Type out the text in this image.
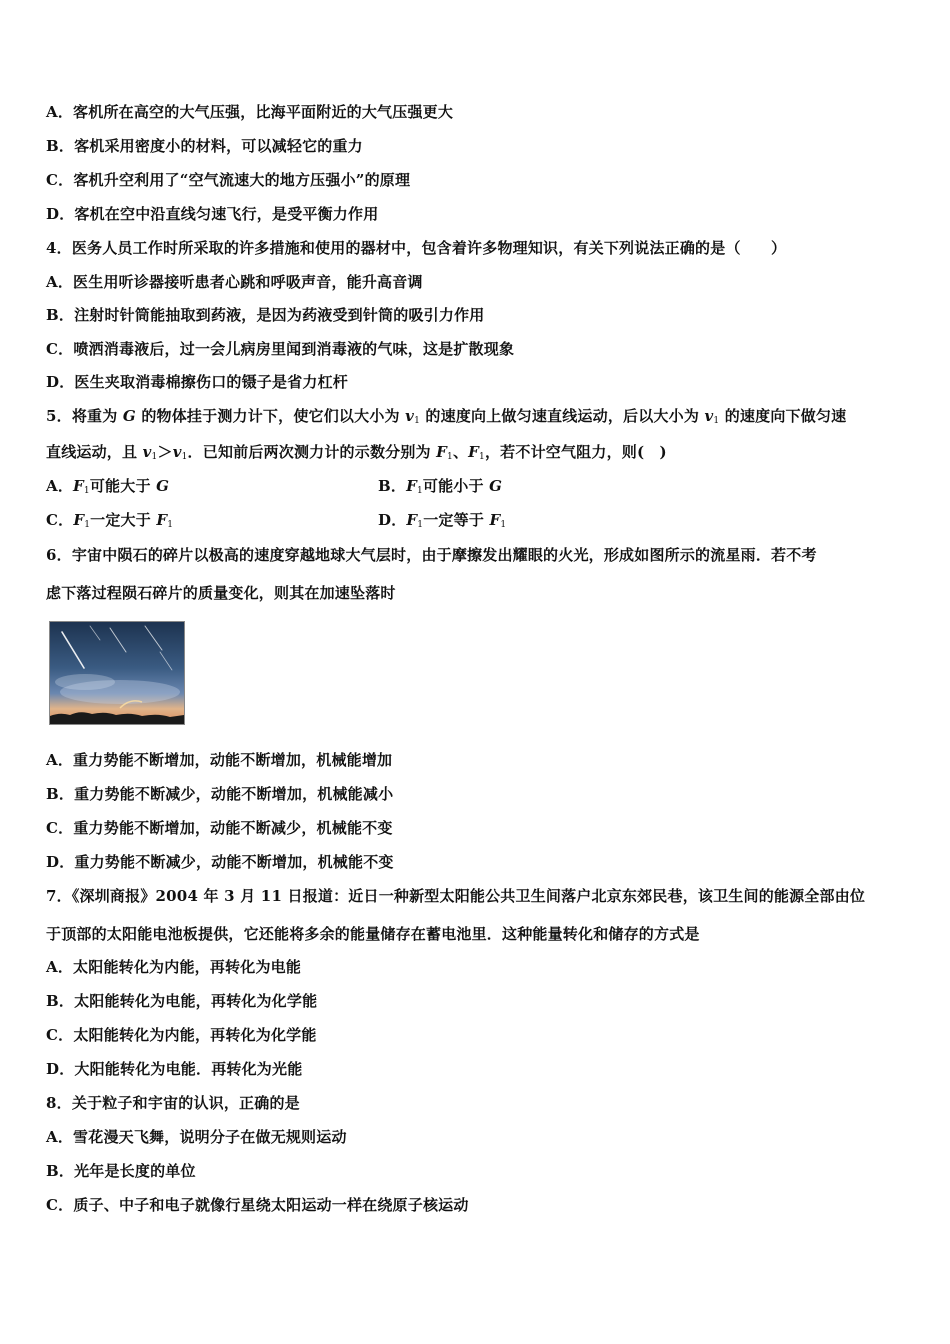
A．客机所在高空的大气压强，比海平面附近的大气压强更大
B．客机采用密度小的材料，可以减轻它的重力
C．客机升空利用了“空气流速大的地方压强小”的原理
D．客机在空中沿直线匀速飞行，是受平衡力作用
4．医务人员工作时所采取的许多措施和使用的器材中，包含着许多物理知识，有关下列说法正确的是（　　）
A．医生用听诊器接听患者心跳和呼吸声音，能升高音调
B．注射时针筒能抽取到药液，是因为药液受到针筒的吸引力作用
C．喷洒消毒液后，过一会儿病房里闻到消毒液的气味，这是扩散现象
D．医生夹取消毒棉擦伤口的镊子是省力杠杆
5．将重为 G 的物体挂于测力计下，使它们以大小为 $v_1$ 的速度向上做匀速直线运动，后以大小为 $v_1$ 的速度向下做匀速
直线运动，且 $v_1>v_1$．已知前后两次测力计的示数分别为 $F_1$、$F_1$，若不计空气阻力，则(　)
A．$F_1$可能大于 G	B．$F_1$可能小于 G
C．$F_1$一定大于 $F_1$	D．$F_1$一定等于 $F_1$
6．宇宙中陨石的碎片以极高的速度穿越地球大气层时，由于摩擦发出耀眼的火光，形成如图所示的流星雨．若不考
虑下落过程陨石碎片的质量变化，则其在加速坠落时
A．重力势能不断增加，动能不断增加，机械能增加
B．重力势能不断减少，动能不断增加，机械能减小
C．重力势能不断增加，动能不断减少，机械能不变
D．重力势能不断减少，动能不断增加，机械能不变
7．《深圳商报》2004 年 3 月 11 日报道：近日一种新型太阳能公共卫生间落户北京东郊民巷，该卫生间的能源全部由位
于顶部的太阳能电池板提供，它还能将多余的能量储存在蓄电池里．这种能量转化和储存的方式是
A．太阳能转化为内能，再转化为电能
B．太阳能转化为电能，再转化为化学能
C．太阳能转化为内能，再转化为化学能
D．大阳能转化为电能．再转化为光能
8．关于粒子和宇宙的认识，正确的是
A．雪花漫天飞舞，说明分子在做无规则运动
B．光年是长度的单位
C．质子、中子和电子就像行星绕太阳运动一样在绕原子核运动
